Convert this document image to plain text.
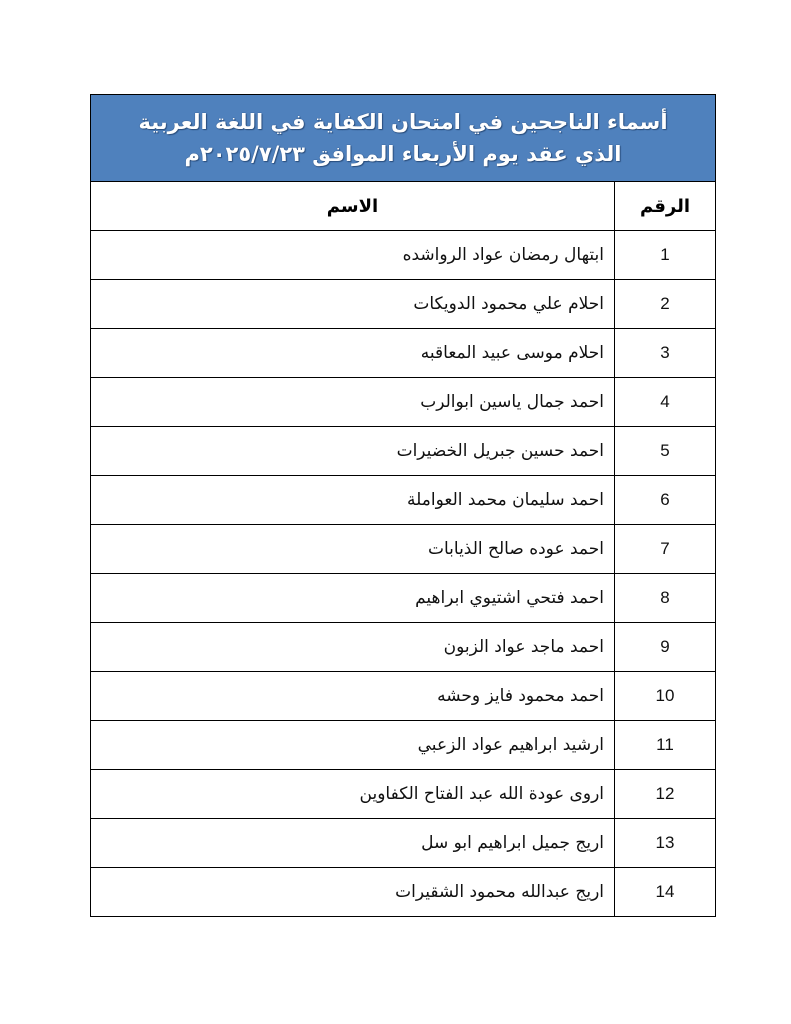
أسماء الناجحين في امتحان الكفاية في اللغة العربية
الذي عقد يوم الأربعاء الموافق ٢٠٢٥/٧/٢٣م	

الرقم	الاسم
1	ابتهال رمضان عواد الرواشده
2	احلام علي محمود الدويكات
3	احلام موسى عبيد المعاقبه
4	احمد جمال ياسين ابوالرب
5	احمد حسين جبريل الخضيرات
6	احمد سليمان محمد العواملة
7	احمد عوده صالح الذيابات
8	احمد فتحي اشتيوي ابراهيم
9	احمد ماجد عواد الزبون
10	احمد محمود فايز وحشه
11	ارشيد ابراهيم عواد الزعبي
12	اروى عودة الله عبد الفتاح الكفاوين
13	اريج جميل ابراهيم ابو سل
14	اريج عبدالله محمود الشقيرات
